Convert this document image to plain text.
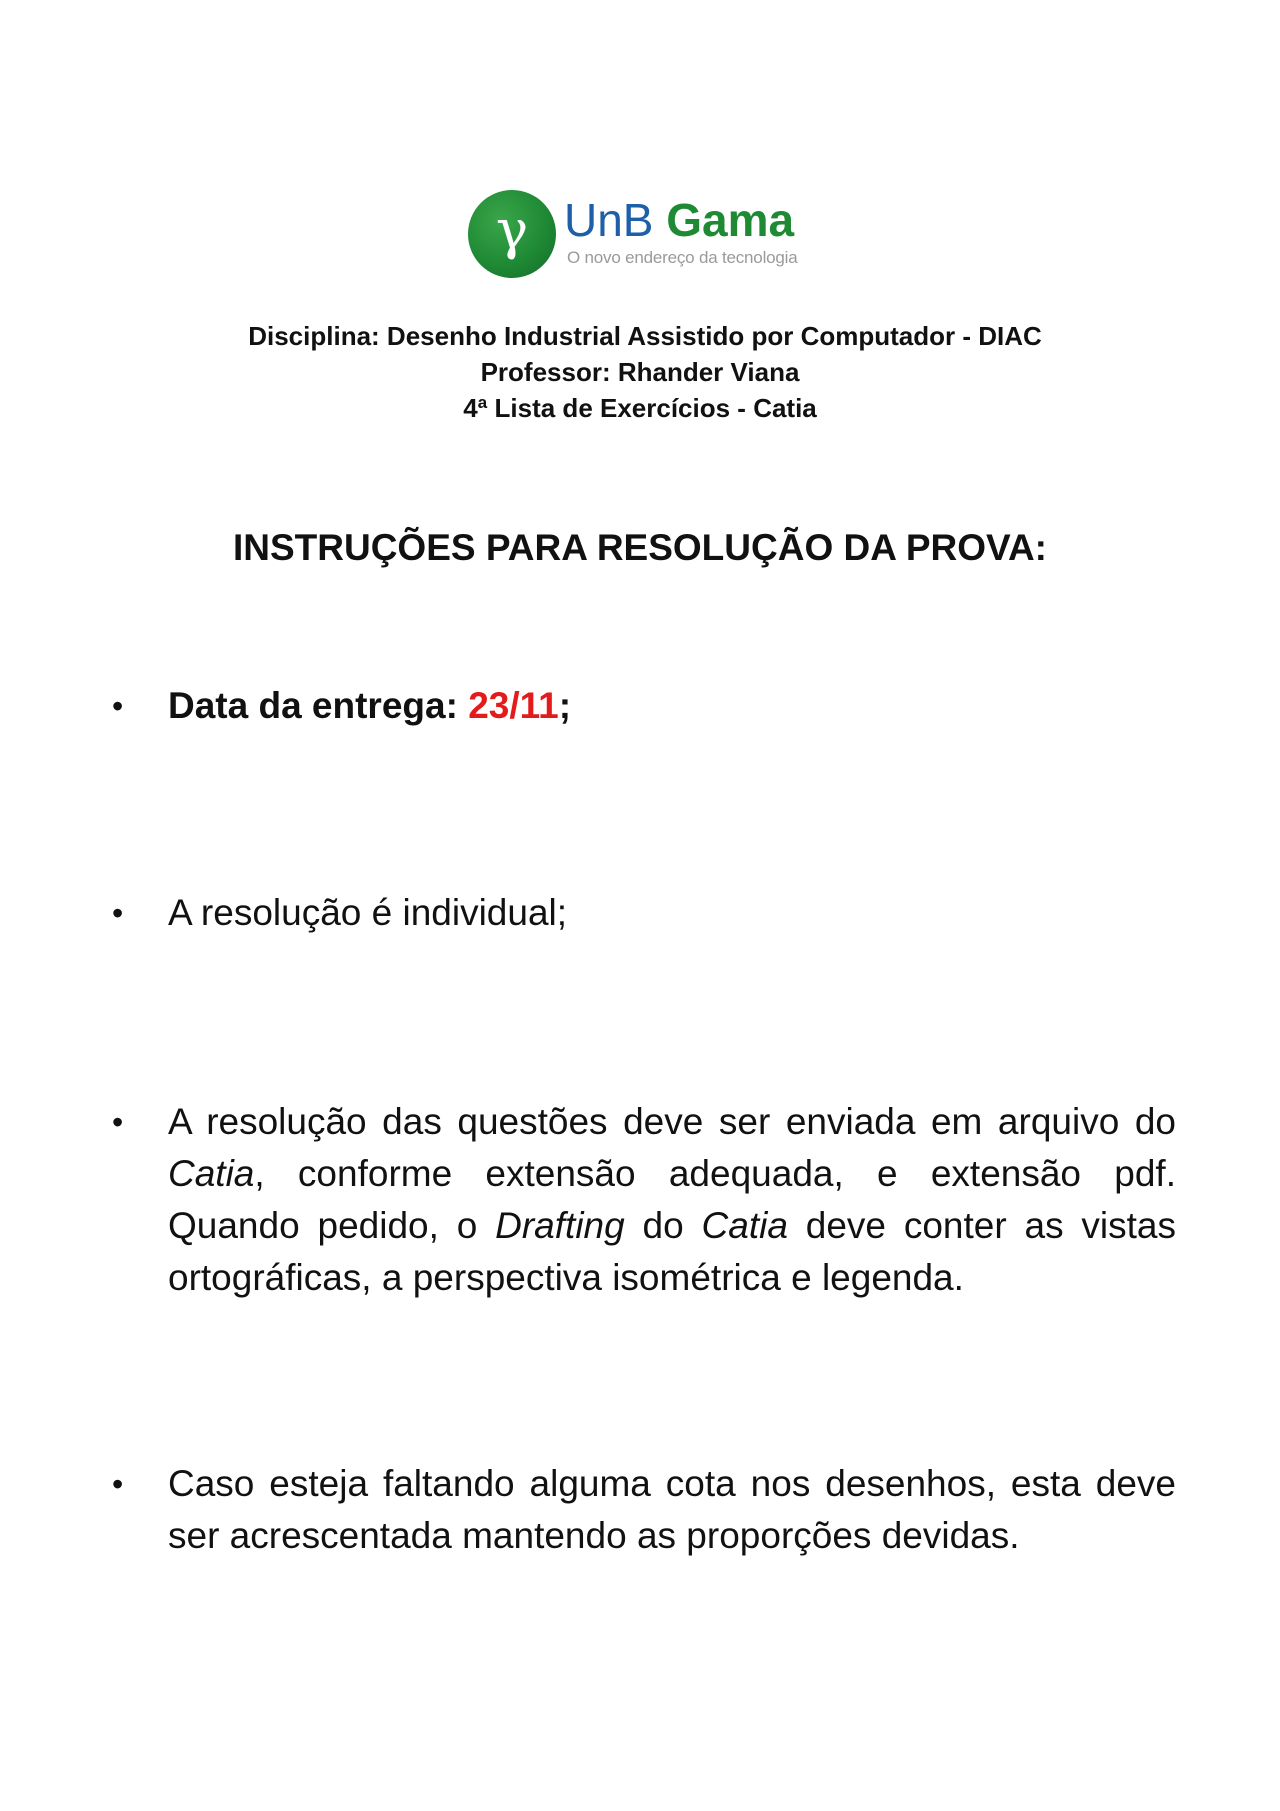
γ UnB Gama
O novo endereço da tecnologia
Disciplina: Desenho Industrial Assistido por Computador - DIAC
Professor: Rhander Viana
4ª Lista de Exercícios - Catia
INSTRUÇÕES PARA RESOLUÇÃO DA PROVA:
•	Data da entrega: 23/11;
•	A resolução é individual;
•	A resolução das questões deve ser enviada em arquivo do Catia, conforme extensão adequada, e extensão pdf. Quando pedido, o Drafting do Catia deve conter as vistas ortográficas, a perspectiva isométrica e legenda.
•	Caso esteja faltando alguma cota nos desenhos, esta deve ser acrescentada mantendo as proporções devidas.
